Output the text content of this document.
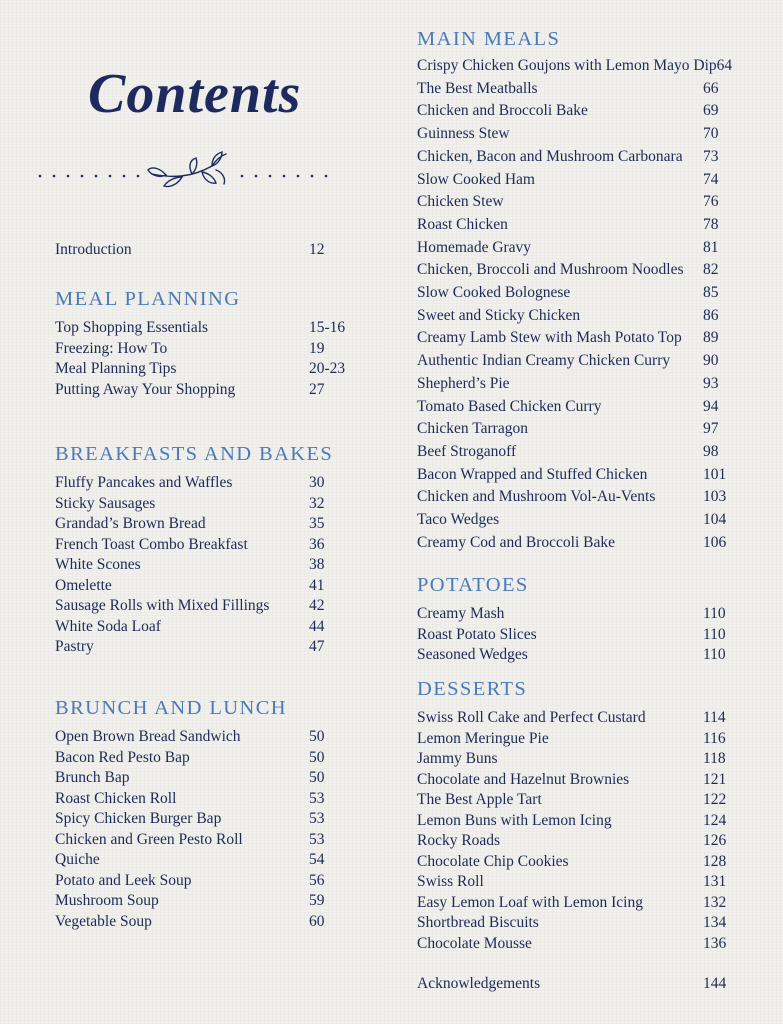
Contents
Introduction	12
MEAL PLANNING
Top Shopping Essentials	15-16
Freezing: How To	19
Meal Planning Tips	20-23
Putting Away Your Shopping	27
BREAKFASTS AND BAKES
Fluffy Pancakes and Waffles	30
Sticky Sausages	32
Grandad’s Brown Bread	35
French Toast Combo Breakfast	36
White Scones	38
Omelette	41
Sausage Rolls with Mixed Fillings	42
White Soda Loaf	44
Pastry	47
BRUNCH AND LUNCH
Open Brown Bread Sandwich	50
Bacon Red Pesto Bap	50
Brunch Bap	50
Roast Chicken Roll	53
Spicy Chicken Burger Bap	53
Chicken and Green Pesto Roll	53
Quiche	54
Potato and Leek Soup	56
Mushroom Soup	59
Vegetable Soup	60
MAIN MEALS
Crispy Chicken Goujons with Lemon Mayo Dip 64
The Best Meatballs	66
Chicken and Broccoli Bake	69
Guinness Stew	70
Chicken, Bacon and Mushroom Carbonara 73
Slow Cooked Ham	74
Chicken Stew	76
Roast Chicken	78
Homemade Gravy	81
Chicken, Broccoli and Mushroom Noodles 82
Slow Cooked Bolognese	85
Sweet and Sticky Chicken	86
Creamy Lamb Stew with Mash Potato Top 89
Authentic Indian Creamy Chicken Curry 90
Shepherd’s Pie	93
Tomato Based Chicken Curry	94
Chicken Tarragon	97
Beef Stroganoff	98
Bacon Wrapped and Stuffed Chicken	101
Chicken and Mushroom Vol-Au-Vents	103
Taco Wedges	104
Creamy Cod and Broccoli Bake	106
POTATOES
Creamy Mash	110
Roast Potato Slices	110
Seasoned Wedges	110
DESSERTS
Swiss Roll Cake and Perfect Custard	114
Lemon Meringue Pie	116
Jammy Buns	118
Chocolate and Hazelnut Brownies	121
The Best Apple Tart	122
Lemon Buns with Lemon Icing	124
Rocky Roads	126
Chocolate Chip Cookies	128
Swiss Roll	131
Easy Lemon Loaf with Lemon Icing	132
Shortbread Biscuits	134
Chocolate Mousse	136
Acknowledgements	144
